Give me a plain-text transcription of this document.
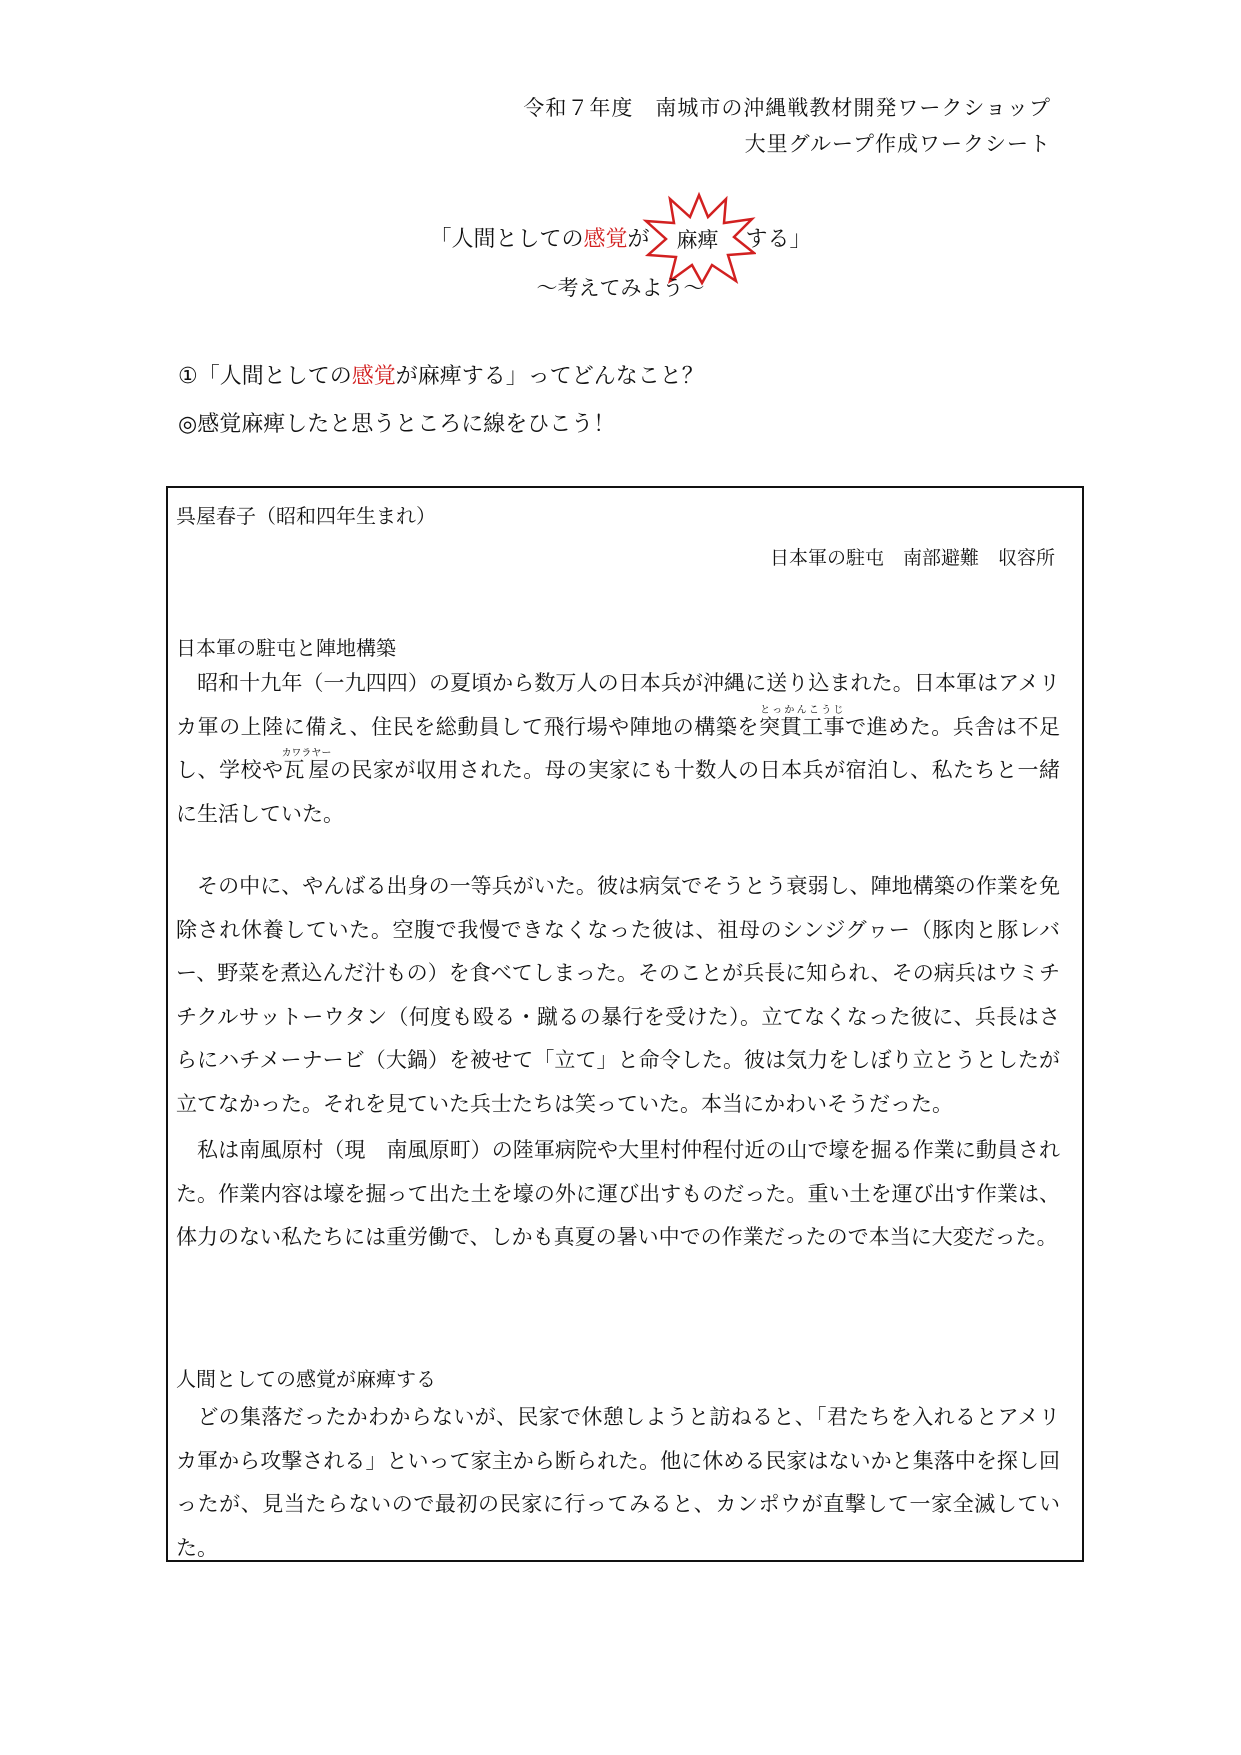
令和７年度　南城市の沖縄戦教材開発ワークショップ
大里グループ作成ワークシート
「人間としての感覚が 麻痺 する」
～考えてみよう～
①「人間としての感覚が麻痺する」ってどんなこと？
◎感覚麻痺したと思うところに線をひこう！
呉屋春子（昭和四年生まれ）
日本軍の駐屯　南部避難　収容所
日本軍の駐屯と陣地構築
　昭和十九年（一九四四）の夏頃から数万人の日本兵が沖縄に送り込まれた。日本軍はアメリカ軍の上陸に備え、住民を総動員して飛行場や陣地の構築を突貫工事とっかんこうじで進めた。兵舎は不足し、学校や瓦屋カワラヤーの民家が収用された。母の実家にも十数人の日本兵が宿泊し、私たちと一緒に生活していた。
　その中に、やんばる出身の一等兵がいた。彼は病気でそうとう衰弱し、陣地構築の作業を免除され休養していた。空腹で我慢できなくなった彼は、祖母のシンジグヮー（豚肉と豚レバー、野菜を煮込んだ汁もの）を食べてしまった。そのことが兵長に知られ、その病兵はウミチチクルサットーウタン（何度も殴る・蹴るの暴行を受けた）。立てなくなった彼に、兵長はさらにハチメーナービ（大鍋）を被せて「立て」と命令した。彼は気力をしぼり立とうとしたが立てなかった。それを見ていた兵士たちは笑っていた。本当にかわいそうだった。
　私は南風原村（現　南風原町）の陸軍病院や大里村仲程付近の山で壕を掘る作業に動員された。作業内容は壕を掘って出た土を壕の外に運び出すものだった。重い土を運び出す作業は、体力のない私たちには重労働で、しかも真夏の暑い中での作業だったので本当に大変だった。
人間としての感覚が麻痺する
　どの集落だったかわからないが、民家で休憩しようと訪ねると、「君たちを入れるとアメリカ軍から攻撃される」といって家主から断られた。他に休める民家はないかと集落中を探し回ったが、見当たらないので最初の民家に行ってみると、カンポウが直撃して一家全滅していた。
